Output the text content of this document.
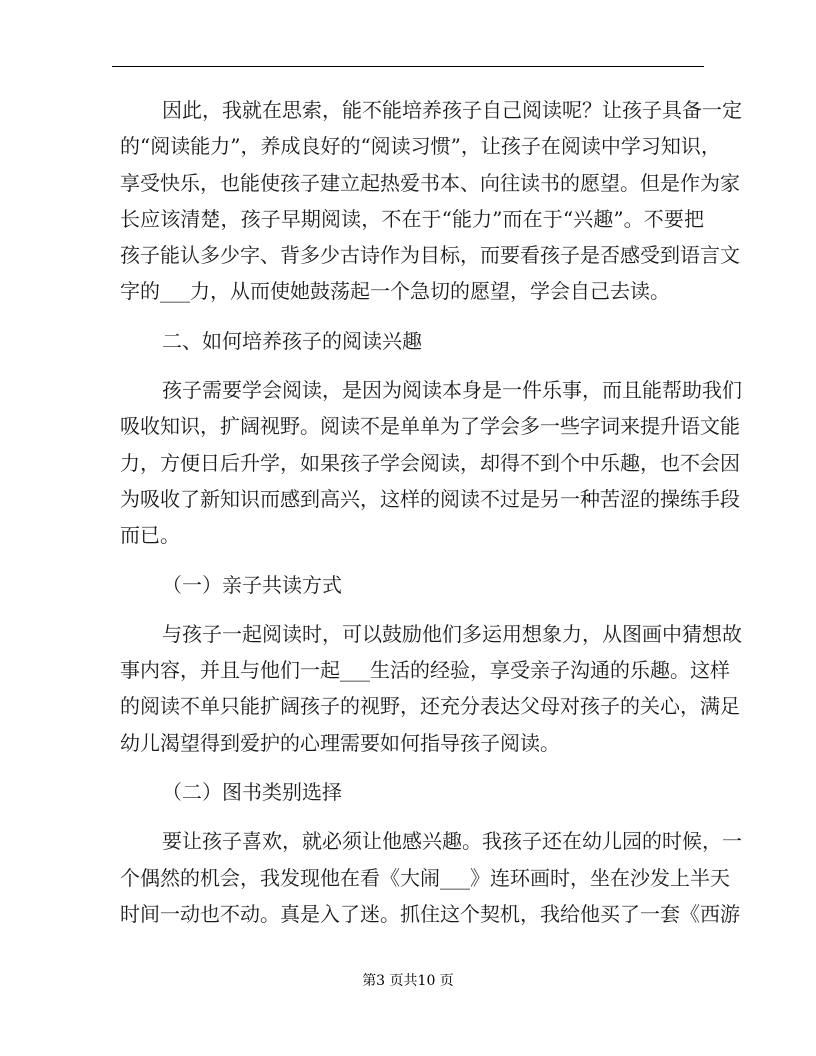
因此，我就在思索，能不能培养孩子自己阅读呢？让孩子具备一定
的“阅读能力”，养成良好的“阅读习惯”，让孩子在阅读中学习知识，
享受快乐，也能使孩子建立起热爱书本、向往读书的愿望。但是作为家
长应该清楚，孩子早期阅读，不在于“能力”而在于“兴趣”。不要把
孩子能认多少字、背多少古诗作为目标，而要看孩子是否感受到语言文
字的___力，从而使她鼓荡起一个急切的愿望，学会自己去读。

二、如何培养孩子的阅读兴趣

孩子需要学会阅读，是因为阅读本身是一件乐事，而且能帮助我们
吸收知识，扩阔视野。阅读不是单单为了学会多一些字词来提升语文能
力，方便日后升学，如果孩子学会阅读，却得不到个中乐趣，也不会因
为吸收了新知识而感到高兴，这样的阅读不过是另一种苦涩的操练手段
而已。

（一）亲子共读方式

与孩子一起阅读时，可以鼓励他们多运用想象力，从图画中猜想故
事内容，并且与他们一起___生活的经验，享受亲子沟通的乐趣。这样
的阅读不单只能扩阔孩子的视野，还充分表达父母对孩子的关心，满足
幼儿渴望得到爱护的心理需要如何指导孩子阅读。

（二）图书类别选择

要让孩子喜欢，就必须让他感兴趣。我孩子还在幼儿园的时候，一
个偶然的机会，我发现他在看《大闹___》连环画时，坐在沙发上半天
时间一动也不动。真是入了迷。抓住这个契机，我给他买了一套《西游

第3 页共10 页
